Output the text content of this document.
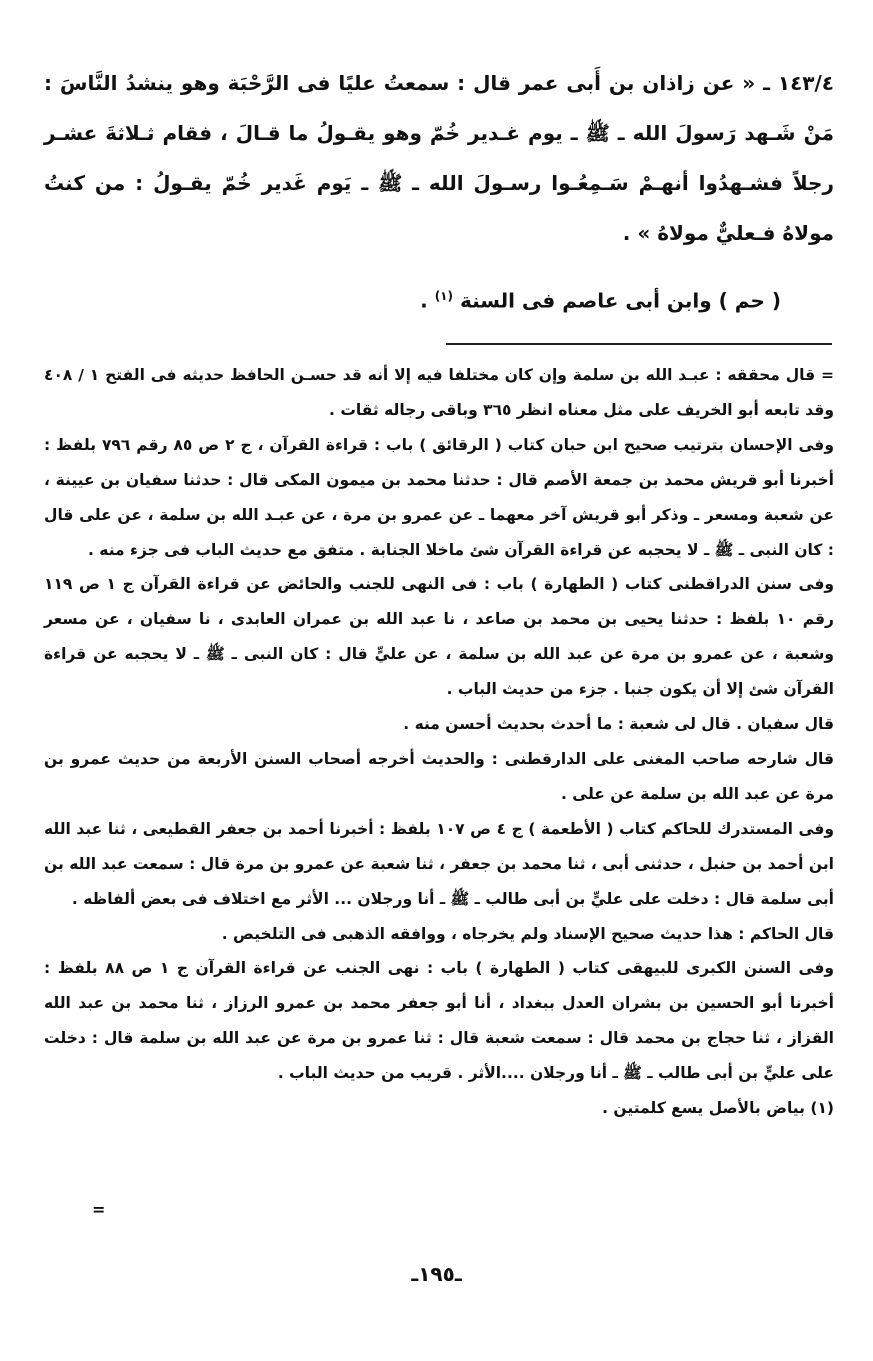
١٤٣/٤ ـ « عن زاذان بن أَبى عمر قال : سمعتُ عليًا فى الرَّحْبَة وهو ينشدُ النَّاسَ : مَنْ شَـهد رَسولَ الله ـ ﷺ ـ يوم غـدير خُمّ وهو يقـولُ ما قـالَ ، فقام ثـلاثةَ عشـر رجلاً فشـهدُوا أنهـمْ سَـمِعُـوا رسـولَ الله ـ ﷺ ـ يَوم غَدير خُمّ يقـولُ : من كنتُ مولاهُ فـعليٌّ مولاهُ » .

( حم ) وابن أبى عاصم فى السنة $^{(١)}$ .

= قال محققه : عبـد الله بن سلمة وإن كان مختلفا فيه إلا أنه قد حسـن الحافظ حديثه فى الفتح ١ / ٤٠٨ وقد تابعه أبو الخريف على مثل معناه انظر ٣٦٥ وباقى رجاله ثقات .

وفى الإحسان بترتيب صحيح ابن حبان كتاب ( الرقائق ) باب : قراءة القرآن ، ج ٢ ص ٨٥ رقم ٧٩٦ بلفظ : أخبرنا أبو قريش محمد بن جمعة الأصم قال : حدثنا محمد بن ميمون المكى قال : حدثنا سفيان بن عيينة ، عن شعبة ومسعر ـ وذكر أبو قريش آخر معهما ـ عن عمرو بن مرة ، عن عبـد الله بن سلمة ، عن على قال : كان النبى ـ ﷺ ـ لا يحجبه عن قراءة القرآن شئ ماخلا الجنابة . متفق مع حديث الباب فى جزء منه .

وفى سنن الدراقطنى كتاب ( الطهارة ) باب : فى النهى للجنب والحائض عن قراءة القرآن ج ١ ص ١١٩ رقم ١٠ بلفظ : حدثنا يحيى بن محمد بن صاعد ، نا عبد الله بن عمران العابدى ، نا سفيان ، عن مسعر وشعبة ، عن عمرو بن مرة عن عبد الله بن سلمة ، عن عليٍّ قال : كان النبى ـ ﷺ ـ لا يحجبه عن قراءة القرآن شئ إلا أن يكون جنبا . جزء من حديث الباب .

قال سفيان . قال لى شعبة : ما أحدث بحديث أحسن منه .

قال شارحه صاحب المغنى على الدارقطنى : والحديث أخرجه أصحاب السنن الأربعة من حديث عمرو بن مرة عن عبد الله بن سلمة عن على .

وفى المستدرك للحاكم كتاب ( الأطعمة ) ج ٤ ص ١٠٧ بلفظ : أخبرنا أحمد بن جعفر القطيعى ، ثنا عبد الله ابن أحمد بن حنبل ، حدثنى أبى ، ثنا محمد بن جعفر ، ثنا شعبة عن عمرو بن مرة قال : سمعت عبد الله بن أبى سلمة قال : دخلت على عليٍّ بن أبى طالب ـ ﷺ ـ أنا ورجلان ... الأثر مع اختلاف فى بعض ألفاظه .

قال الحاكم : هذا حديث صحيح الإسناد ولم يخرجاه ، ووافقه الذهبى فى التلخيص .

وفى السنن الكبرى للبيهقى كتاب ( الطهارة ) باب : نهى الجنب عن قراءة القرآن ج ١ ص ٨٨ بلفظ : أخبرنا أبو الحسين بن بشران العدل ببغداد ، أنا أبو جعفر محمد بن عمرو الرزاز ، ثنا محمد بن عبد الله القزاز ، ثنا حجاج بن محمد قال : سمعت شعبة قال : ثنا عمرو بن مرة عن عبد الله بن سلمة قال : دخلت على عليٍّ بن أبى طالب ـ ﷺ ـ أنا ورجلان ....الأثر . قريب من حديث الباب .

(١) بياض بالأصل يسع كلمتين .

=
ـ١٩٥ـ
